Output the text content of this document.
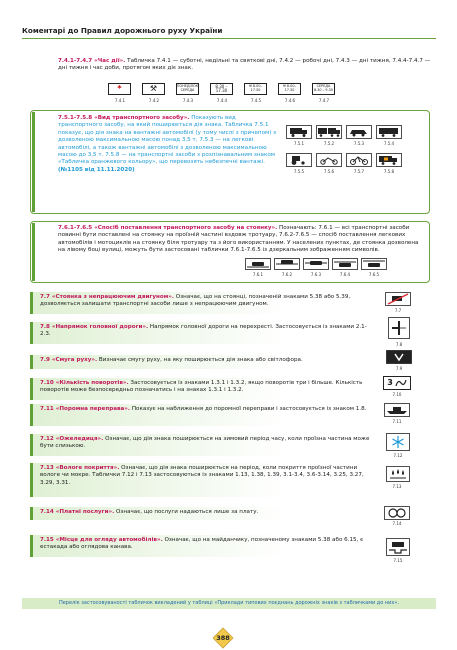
Коментарі до Правил дорожнього руху України
7.4.1-7.4.7 «Час дії». Табличка 7.4.1 — суботні, недільні та святкові дні, 7.4.2 — робочі дні, 7.4.3 — дні тижня, 7.4.4-7.4.7 — дні тижня і час доби, протягом яких діє знак.
*	⚒	ПОНЕДІЛОК СЕРЕДА
8.30 – 17.30
⚒ 8.00–17.30
⚒ 8.00–17.30
СЕРЕДА 8.30 – 9.30
7.4.1	7.4.2	7.4.3	7.4.4	7.4.5	7.4.6	7.4.7
7.5.1-7.5.8 «Вид транспортного засобу». Показують вид транспортного засобу, на який поширюється дія знака. Табличка 7.5.1 показує, що дія знака на вантажні автомобілі (у тому числі з причепом) з дозволеною максимальною масою понад 3,5 т, 7.5.3 — на легкові автомобілі, а також вантажні автомобілі з дозволеною максимальною масою до 3,5 т. 7.5.8 — на транспортні засоби з розпізнавальним знаком «Табличка оранжевого кольору», що перевозять небезпечні вантажі. (№1105 від 11.11.2020)
7.5.1	7.5.2	7.5.3	7.5.4
7.5.5	7.5.6	7.5.7	7.5.8
7.6.1-7.6.5 «Спосіб поставлення транспортного засобу на стоянку». Позначають: 7.6.1 — всі транспортні засоби повинні бути поставлені на стоянку на проїзній частині вздовж тротуару, 7.6.2-7.6.5 — спосіб поставлення легкових автомобілів і мотоциклів на стоянку біля тротуару та з його використанням. У населених пунктах, де стоянка дозволена на лівому боці вулиці, можуть бути застосовані таблички 7.6.1-7.6.5 із дзеркальним зображенням символів.
7.6.1	7.6.2	7.6.3	7.6.4	7.6.5
7.7 «Стоянка з непрацюючим двигуном». Означає, що на стоянці, позначеній знаками 5.38 або 5.39, дозволяється залишати транспортні засоби лише з непрацюючим двигуном.
7.7
7.8 «Напрямок головної дороги». Напрямок головної дороги на перехресті. Застосовується із знаками 2.1-2.3.
7.8
7.9 «Смуга руху». Визначає смугу руху, на яку поширюється дія знака або світлофора.
7.9
7.10 «Кількість поворотів». Застосовується із знаками 1.3.1 і 1.3.2, якщо поворотів три і більше. Кількість поворотів може безпосередньо позначатись і на знаках 1.3.1 і 1.3.2.
3
7.10
7.11 «Поромна переправа». Показує на наближення до поромної переправи і застосовується із знаком 1.8.
7.11
7.12 «Ожеледиця». Означає, що дія знака поширюється на зимовий період часу, коли проїзна частина може бути слизькою.
7.12
7.13 «Вологе покриття». Означає, що дія знака поширюється на період, коли покриття проїзної частини вологе чи мокре. Таблички 7.12 і 7.13 застосовуються із знаками 1.13, 1.38, 1.39, 3.1-3.4, 3.6-3.14, 3.25, 3.27, 3.29, 3.31.
7.13
7.14 «Платні послуги». Означає, що послуги надаються лише за плату.
7.14
7.15 «Місце для огляду автомобілів». Означає, що на майданчику, позначеному знаками 5.38 або 6.15, є естакада або оглядова канава.
7.15
Перелік застосовуваності табличок викладений у таблиці «Приклади типових поєднань дорожніх знаків з табличками до них».
388
